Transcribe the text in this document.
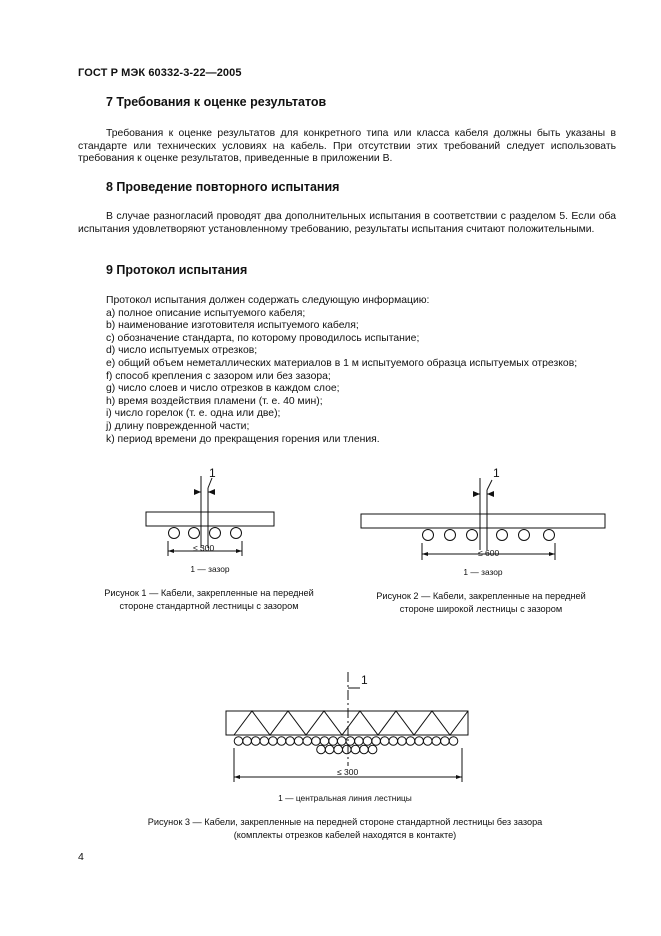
ГОСТ Р МЭК 60332-3-22—2005
7 Требования к оценке результатов
Требования к оценке результатов для конкретного типа или класса кабеля должны быть указаны в стандарте или технических условиях на кабель. При отсутствии этих требований следует использовать требования к оценке результатов, приведенные в приложении В.
8 Проведение повторного испытания
В случае разногласий проводят два дополнительных испытания в соответствии с разделом 5. Если оба испытания удовлетворяют установленному требованию, результаты испытания считают положительными.
9 Протокол испытания
Протокол испытания должен содержать следующую информацию:
a) полное описание испытуемого кабеля;
b) наименование изготовителя испытуемого кабеля;
c) обозначение стандарта, по которому проводилось испытание;
d) число испытуемых отрезков;
e) общий объем неметаллических материалов в 1 м испытуемого образца испытуемых отрезков;
f) способ крепления с зазором или без зазора;
g) число слоев и число отрезков в каждом слое;
h) время воздействия пламени (т. е. 40 мин);
i) число горелок (т. е. одна или две);
j) длину поврежденной части;
k) период времени до прекращения горения или тления.
1
≤ 300
1
≤ 600
1
≤ 300
1 — зазор
Рисунок 1 — Кабели, закрепленные на передней
стороне стандартной лестницы с зазором
1 — зазор
Рисунок 2 — Кабели, закрепленные на передней
стороне широкой лестницы с зазором
1 — центральная линия лестницы
Рисунок 3 — Кабели, закрепленные на передней стороне стандартной лестницы без зазора
(комплекты отрезков кабелей находятся в контакте)
4
